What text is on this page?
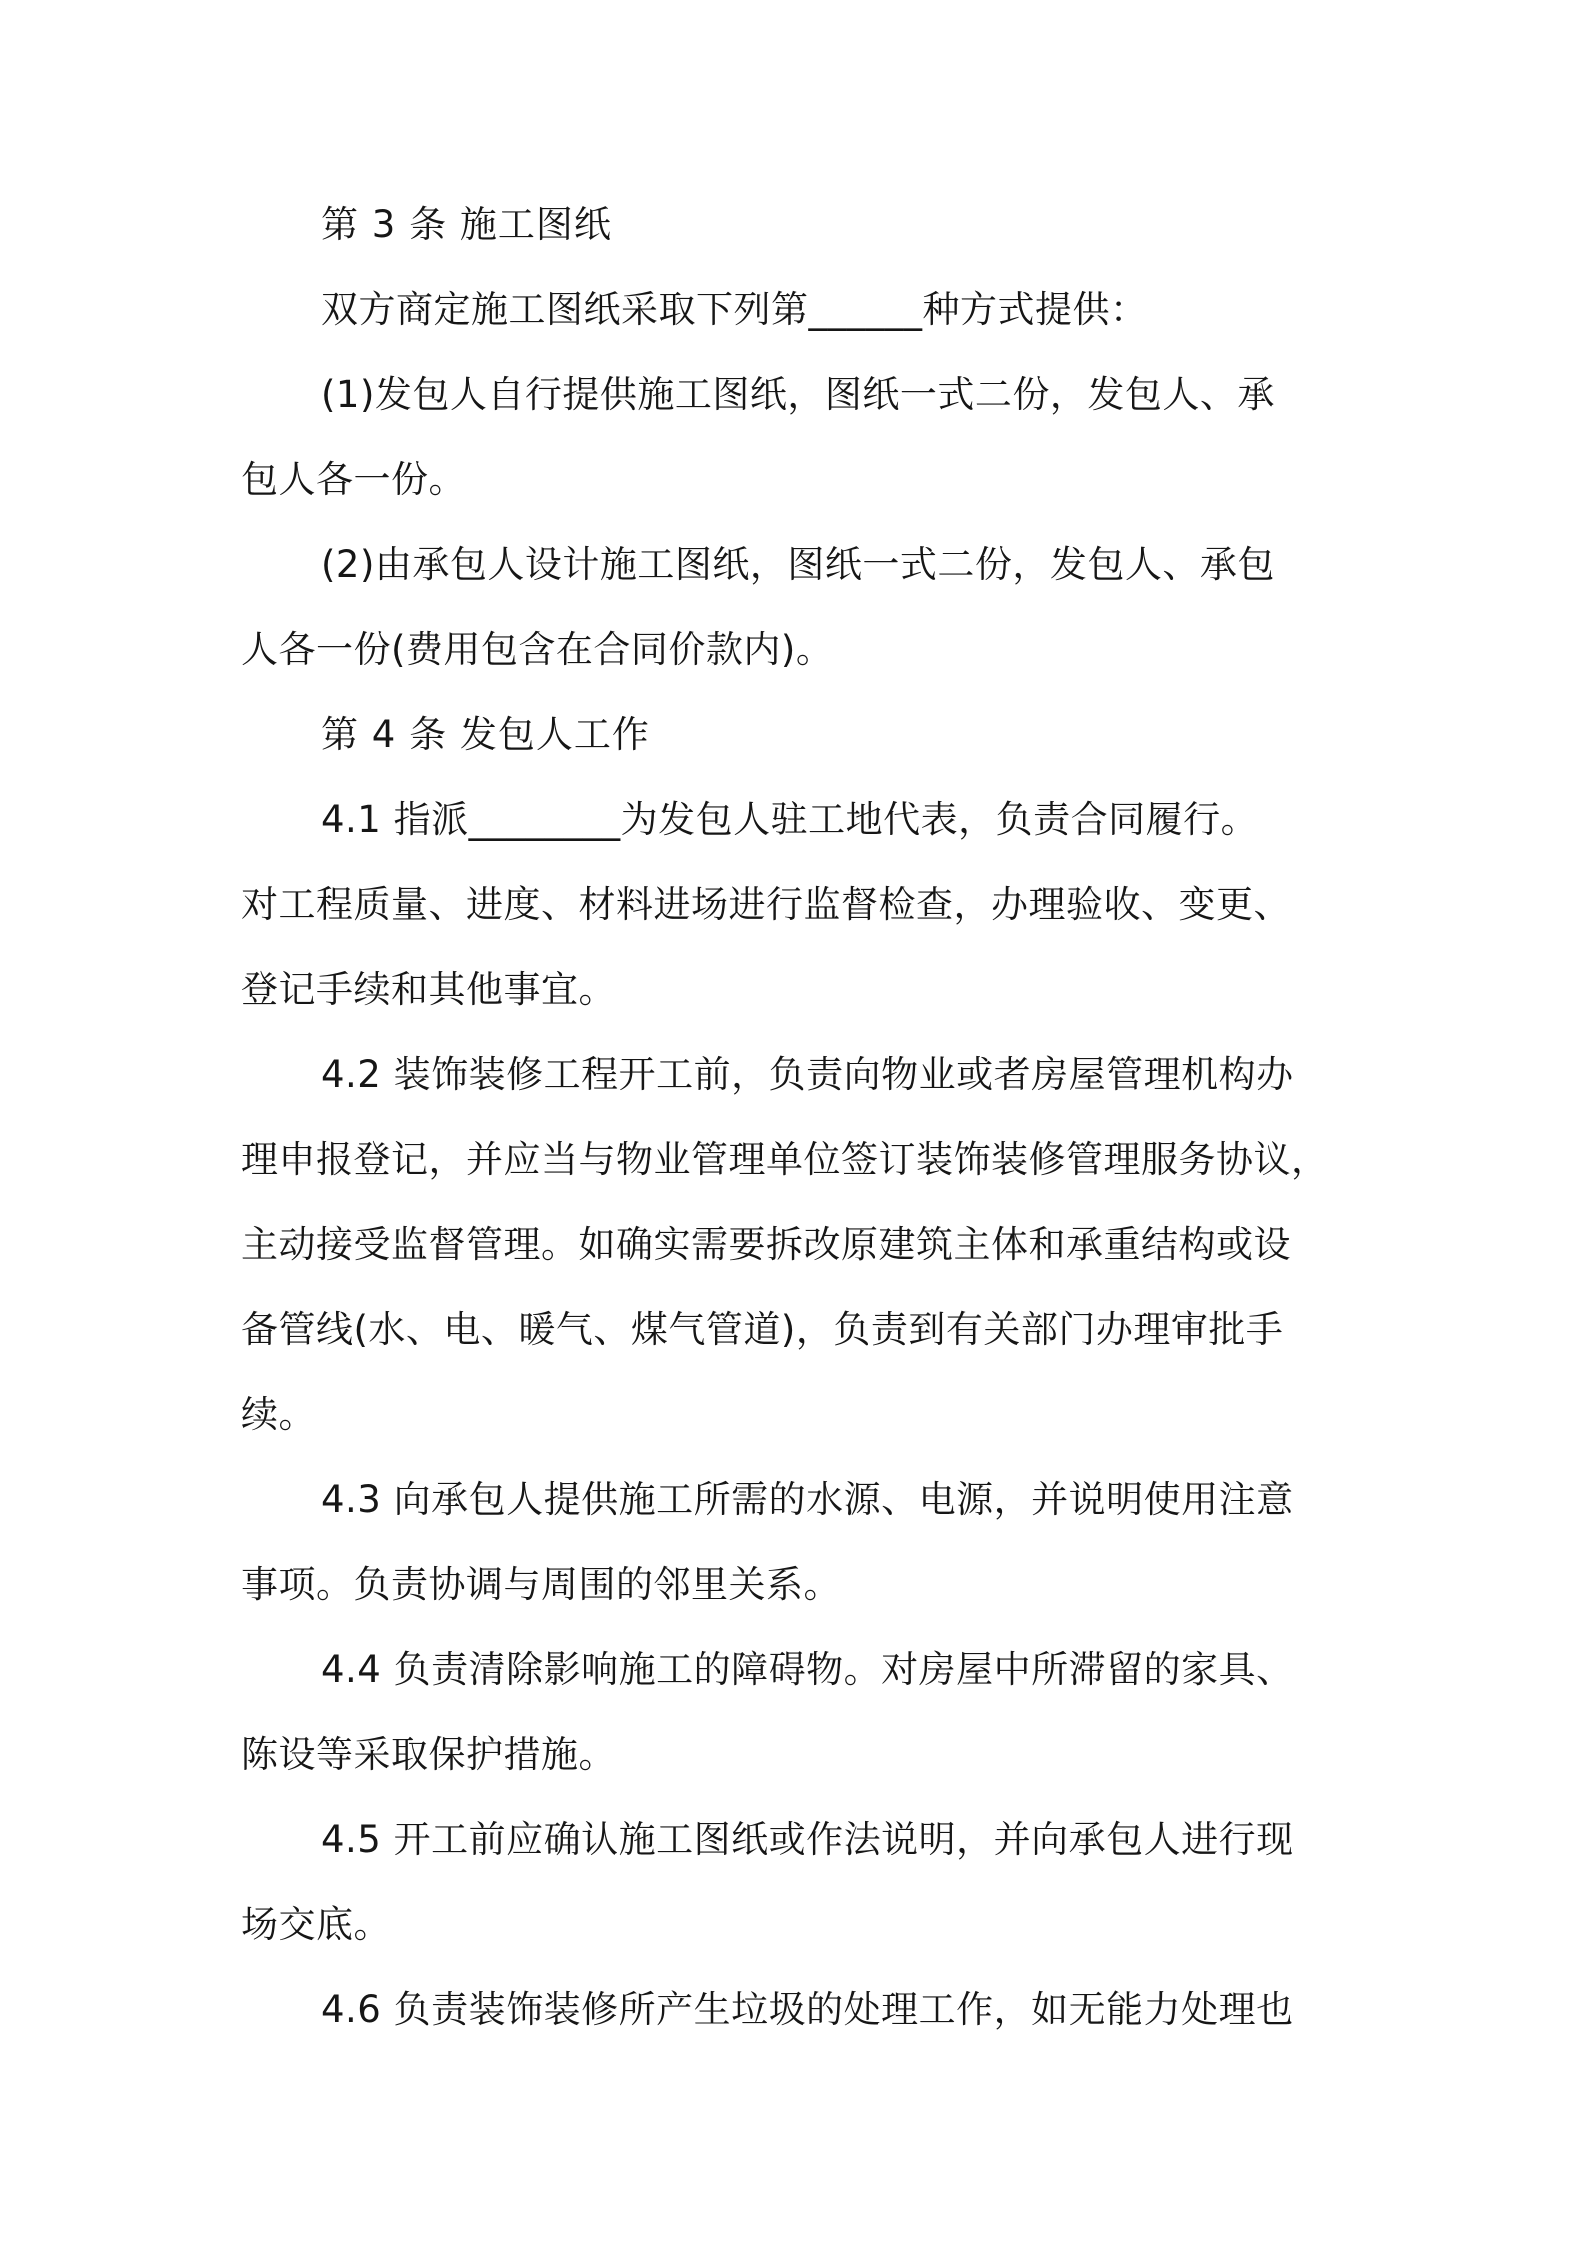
第 3 条 施工图纸
双方商定施工图纸采取下列第______种方式提供：
(1)发包人自行提供施工图纸，图纸一式二份，发包人、承
包人各一份。
(2)由承包人设计施工图纸，图纸一式二份，发包人、承包
人各一份(费用包含在合同价款内)。
第 4 条 发包人工作
4.1 指派________为发包人驻工地代表，负责合同履行。
对工程质量、进度、材料进场进行监督检查，办理验收、变更、
登记手续和其他事宜。
4.2 装饰装修工程开工前，负责向物业或者房屋管理机构办
理申报登记，并应当与物业管理单位签订装饰装修管理服务协议，
主动接受监督管理。如确实需要拆改原建筑主体和承重结构或设
备管线(水、电、暖气、煤气管道)，负责到有关部门办理审批手
续。
4.3 向承包人提供施工所需的水源、电源，并说明使用注意
事项。负责协调与周围的邻里关系。
4.4 负责清除影响施工的障碍物。对房屋中所滞留的家具、
陈设等采取保护措施。
4.5 开工前应确认施工图纸或作法说明，并向承包人进行现
场交底。
4.6 负责装饰装修所产生垃圾的处理工作，如无能力处理也
